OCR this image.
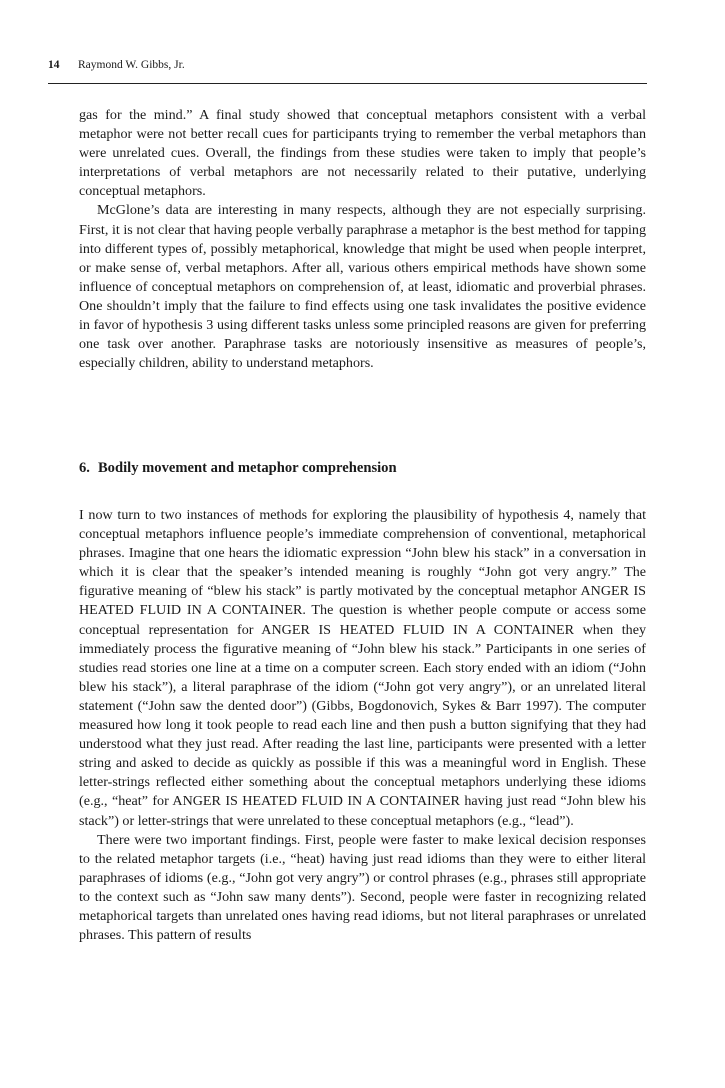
14 Raymond W. Gibbs, Jr.

gas for the mind.” A final study showed that conceptual metaphors consistent with a verbal metaphor were not better recall cues for participants trying to remember the verbal metaphors than were unrelated cues. Overall, the findings from these studies were taken to imply that people’s interpretations of verbal metaphors are not necessarily related to their putative, underlying conceptual metaphors.

McGlone’s data are interesting in many respects, although they are not especially surprising. First, it is not clear that having people verbally paraphrase a metaphor is the best method for tapping into different types of, possibly metaphorical, knowledge that might be used when people interpret, or make sense of, verbal metaphors. After all, various others empirical methods have shown some influence of conceptual metaphors on comprehension of, at least, idiomatic and proverbial phrases. One shouldn’t imply that the failure to find effects using one task invalidates the positive evidence in favor of hypothesis 3 using different tasks unless some principled reasons are given for preferring one task over another. Paraphrase tasks are notoriously insensitive as measures of people’s, especially children, ability to understand metaphors.

6. Bodily movement and metaphor comprehension

I now turn to two instances of methods for exploring the plausibility of hypothesis 4, namely that conceptual metaphors influence people’s immediate comprehension of conventional, metaphorical phrases. Imagine that one hears the idiomatic expression “John blew his stack” in a conversation in which it is clear that the speaker’s intended meaning is roughly “John got very angry.” The figurative meaning of “blew his stack” is partly motivated by the conceptual metaphor ANGER IS HEATED FLUID IN A CONTAINER. The question is whether people compute or access some conceptual representation for ANGER IS HEATED FLUID IN A CONTAINER when they immediately process the figurative meaning of “John blew his stack.” Participants in one series of studies read stories one line at a time on a computer screen. Each story ended with an idiom (“John blew his stack”), a literal paraphrase of the idiom (“John got very angry”), or an unrelated literal statement (“John saw the dented door”) (Gibbs, Bogdonovich, Sykes & Barr 1997). The computer measured how long it took people to read each line and then push a button signifying that they had understood what they just read. After reading the last line, participants were presented with a letter string and asked to decide as quickly as possible if this was a meaningful word in English. These letter-strings reflected either something about the conceptual metaphors underlying these idioms (e.g., “heat” for ANGER IS HEATED FLUID IN A CONTAINER having just read “John blew his stack”) or letter-strings that were unrelated to these conceptual metaphors (e.g., “lead”).

There were two important findings. First, people were faster to make lexical decision responses to the related metaphor targets (i.e., “heat) having just read idioms than they were to either literal paraphrases of idioms (e.g., “John got very angry”) or control phrases (e.g., phrases still appropriate to the context such as “John saw many dents”). Second, people were faster in recognizing related metaphorical targets than unrelated ones having read idioms, but not literal paraphrases or unrelated phrases. This pattern of results
